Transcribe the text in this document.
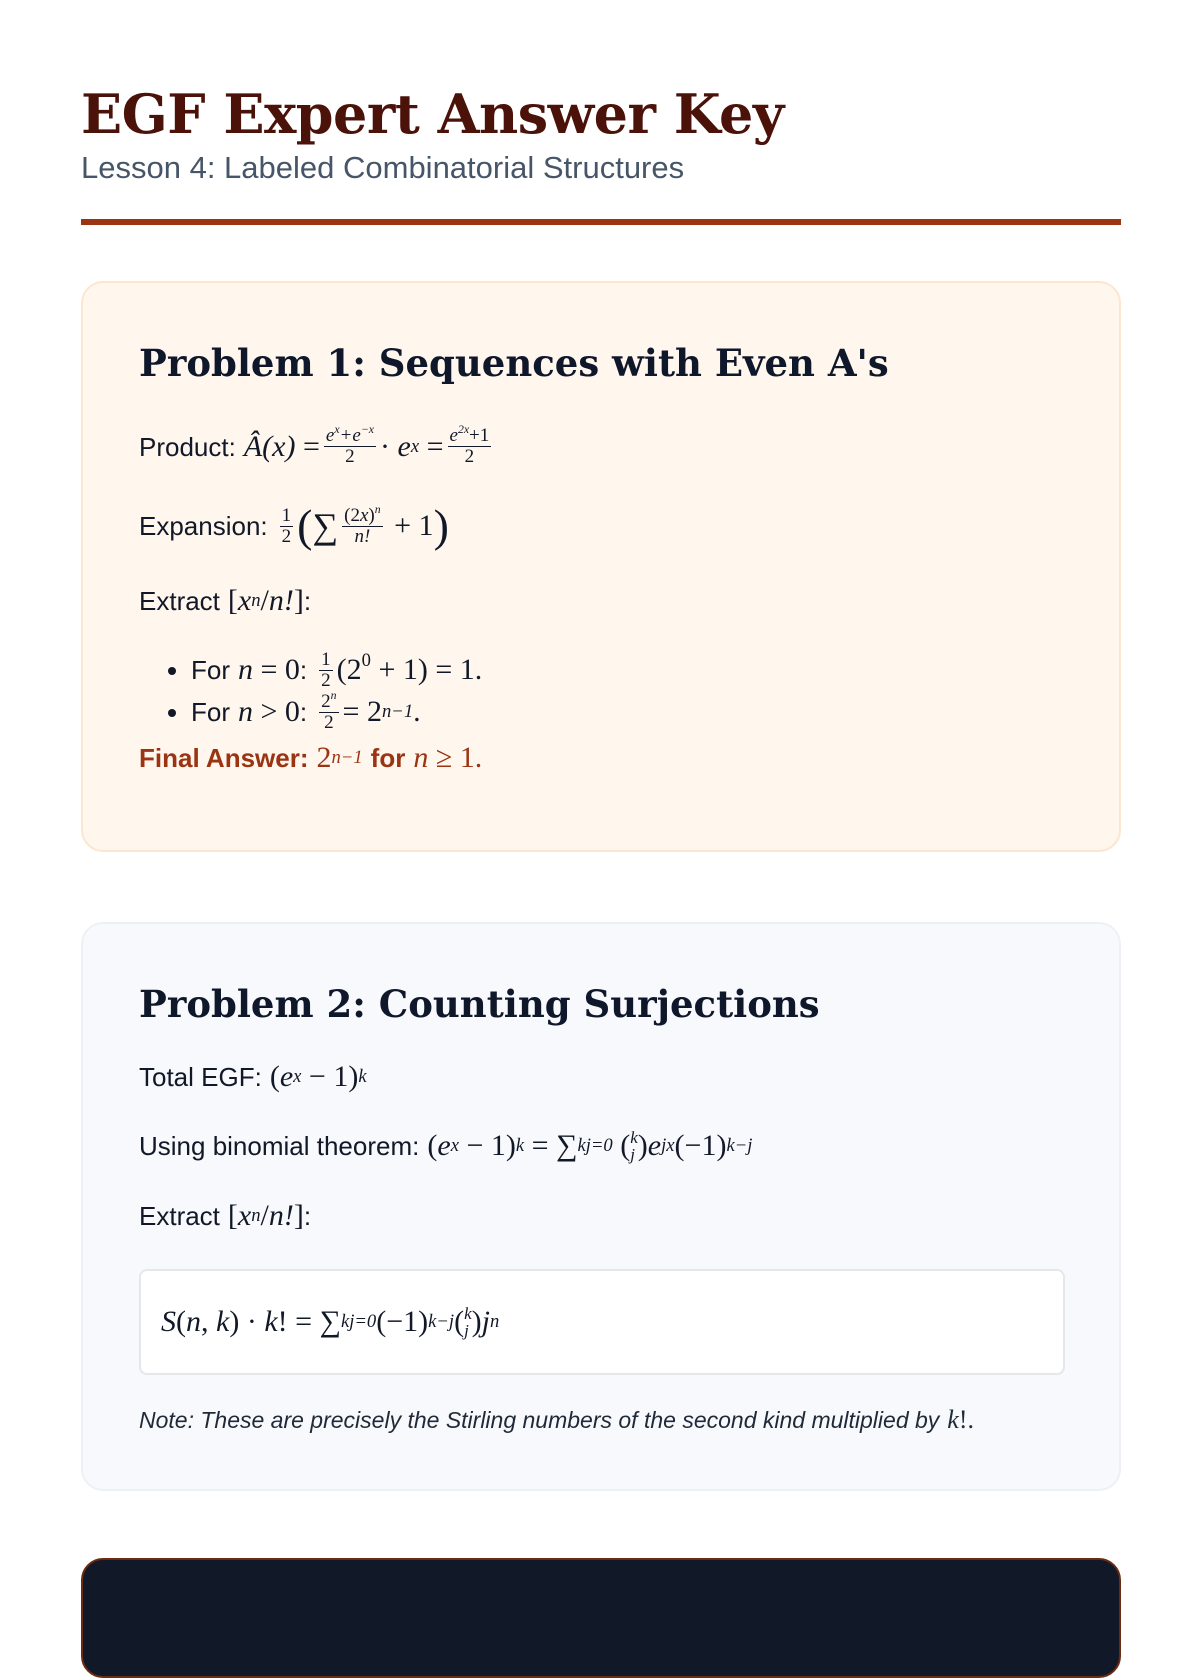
EGF Expert Answer Key
Lesson 4: Labeled Combinatorial Structures
Problem 1: Sequences with Even A's
Product: Â(x) = $\frac{e^x+e^{-x}}{2} \cdot e$ x
= $\frac{e^{2x}+1}{2}$
Expansion: $\frac{1}{2}$ ( ∑ $\frac{(2x)^n}{n!} + 1$ )
Extract [ x n / n! ] :
• For n = 0 : $\frac{1}{2} (2^0 + 1) = 1$.
• For n > 0 : $\frac{2^n}{2} = 2$ n−1 .
Final Answer: 2 n−1 for n ≥ 1.
Problem 2: Counting Surjections
Total EGF: ( e x − 1) k
Using binomial theorem: ( e x − 1) k = ∑ k j=0 ( k
j ) e jx (−1) k−j
Extract [ x n / n! ] :
S ( n , k ) · k ! = ∑ k j=0 (−1) k−j ( k
j ) j n
Note: These are precisely the Stirling numbers of the second kind multiplied by k !.
